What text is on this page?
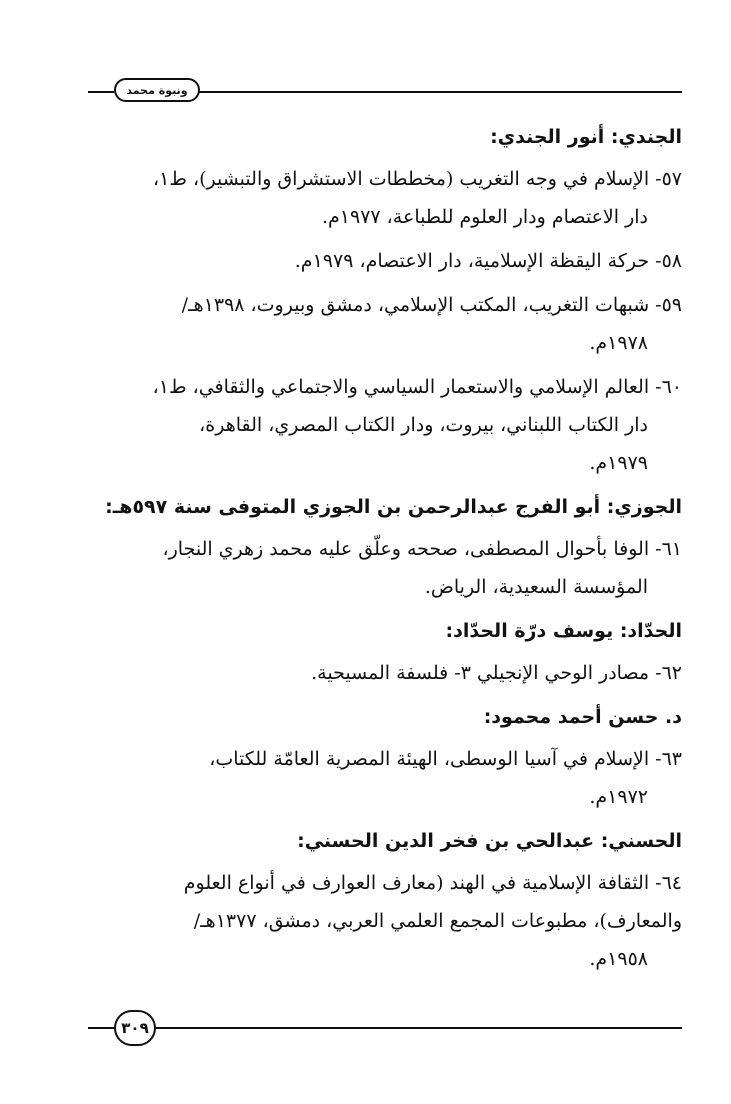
ونبوة محمد
الجندي: أنور الجندي:
٥٧- الإسلام في وجه التغريب (مخططات الاستشراق والتبشير)، ط١،
دار الاعتصام ودار العلوم للطباعة، ١٩٧٧م.
٥٨- حركة اليقظة الإسلامية، دار الاعتصام، ١٩٧٩م.
٥٩- شبهات التغريب، المكتب الإسلامي، دمشق وبيروت، ١٣٩٨هـ/
١٩٧٨م.
٦٠- العالم الإسلامي والاستعمار السياسي والاجتماعي والثقافي، ط١،
دار الكتاب اللبناني، بيروت، ودار الكتاب المصري، القاهرة،
١٩٧٩م.
الجوزي: أبو الفرج عبدالرحمن بن الجوزي المتوفى سنة ٥٩٧هـ:
٦١- الوفا بأحوال المصطفى، صححه وعلّق عليه محمد زهري النجار،
المؤسسة السعيدية، الرياض.
الحدّاد: يوسف درّة الحدّاد:
٦٢- مصادر الوحي الإنجيلي ٣- فلسفة المسيحية.
د. حسن أحمد محمود:
٦٣- الإسلام في آسيا الوسطى، الهيئة المصرية العامّة للكتاب،
١٩٧٢م.
الحسني: عبدالحي بن فخر الدين الحسني:
٦٤- الثقافة الإسلامية في الهند (معارف العوارف في أنواع العلوم
والمعارف)، مطبوعات المجمع العلمي العربي، دمشق، ١٣٧٧هـ/
١٩٥٨م.
٣٠٩
